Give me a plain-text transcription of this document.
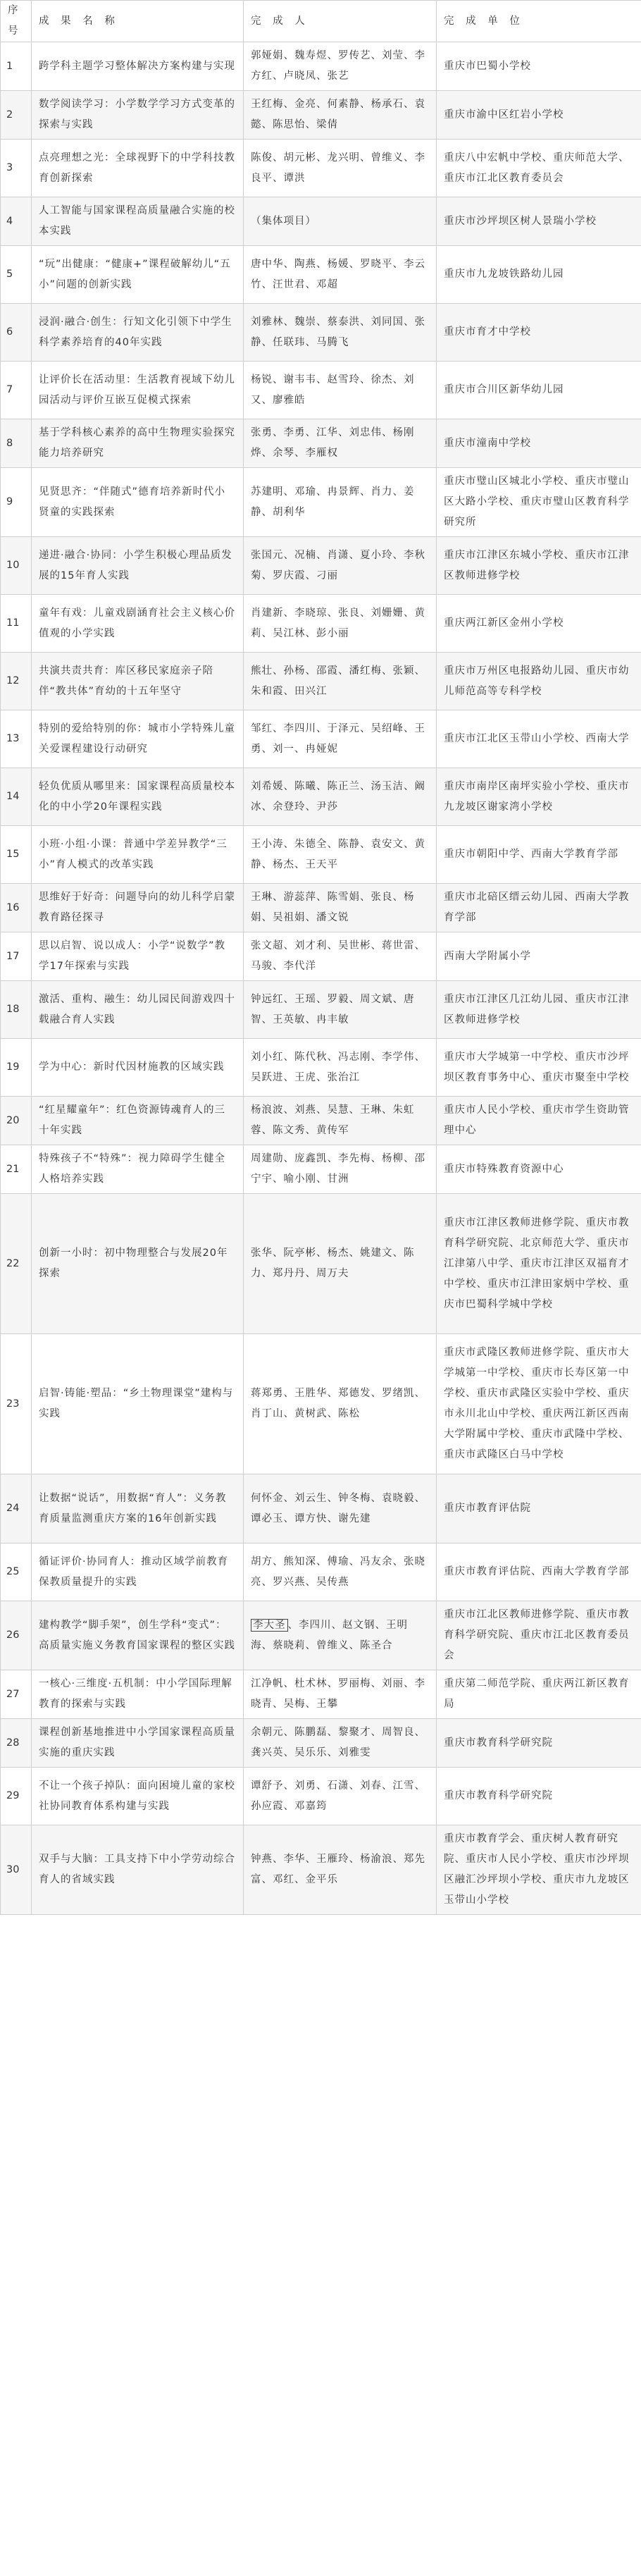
序号	成 果 名 称	完 成 人	完 成 单 位
1	跨学科主题学习整体解决方案构建与实现	郭娅娟、魏寿煜、罗传艺、刘莹、李方红、卢晓凤、张艺	重庆市巴蜀小学校
2	数学阅读学习：小学数学学习方式变革的探索与实践	王红梅、金亮、何素静、杨承石、袁懿、陈思怡、梁倩	重庆市渝中区红岩小学校
3	点亮理想之光：全球视野下的中学科技教育创新探索	陈俊、胡元彬、龙兴明、曾维义、李良平、谭洪	重庆八中宏帆中学校、重庆师范大学、重庆市江北区教育委员会
4	人工智能与国家课程高质量融合实施的校本实践	（集体项目）	重庆市沙坪坝区树人景瑞小学校
5	“玩”出健康：“健康+”课程破解幼儿“五小”问题的创新实践	唐中华、陶燕、杨媛、罗晓平、李云竹、汪世君、邓超	重庆市九龙坡铁路幼儿园
6	浸润·融合·创生：行知文化引领下中学生科学素养培育的40年实践	刘雅林、魏崇、蔡泰洪、刘同国、张静、任联玮、马腾飞	重庆市育才中学校
7	让评价长在活动里：生活教育视域下幼儿园活动与评价互嵌互促模式探索	杨锐、谢韦韦、赵雪玲、徐杰、刘又、廖雅皓	重庆市合川区新华幼儿园
8	基于学科核心素养的高中生物理实验探究能力培养研究	张勇、李勇、江华、刘忠伟、杨刚烨、余琴、李雁权	重庆市潼南中学校
9	见贤思齐：“伴随式”德育培养新时代小贤童的实践探索	苏建明、邓瑜、冉景辉、肖力、姜静、胡利华	重庆市璧山区城北小学校、重庆市璧山区大路小学校、重庆市璧山区教育科学研究所
10	递进·融合·协同：小学生积极心理品质发展的15年育人实践	张国元、况楠、肖潇、夏小玲、李秋菊、罗庆霞、刁丽	重庆市江津区东城小学校、重庆市江津区教师进修学校
11	童年有戏：儿童戏剧涵育社会主义核心价值观的小学实践	肖建新、李晓琼、张良、刘姗姗、黄莉、吴江林、彭小丽	重庆两江新区金州小学校
12	共演共责共育：库区移民家庭亲子陪伴“教共体”育幼的十五年坚守	熊壮、孙杨、邵霞、潘红梅、张颖、朱和霞、田兴江	重庆市万州区电报路幼儿园、重庆市幼儿师范高等专科学校
13	特别的爱给特别的你：城市小学特殊儿童关爱课程建设行动研究	邹红、李四川、于泽元、吴绍峰、王勇、刘一、冉娅妮	重庆市江北区玉带山小学校、西南大学
14	轻负优质从哪里来：国家课程高质量校本化的中小学20年课程实践	刘希媛、陈曦、陈正兰、汤玉洁、阚冰、余登玲、尹莎	重庆市南岸区南坪实验小学校、重庆市九龙坡区谢家湾小学校
15	小班·小组·小课：普通中学差异教学“三小”育人模式的改革实践	王小涛、朱德全、陈静、袁安文、黄静、杨杰、王天平	重庆市朝阳中学、西南大学教育学部
16	思维好于好奇：问题导向的幼儿科学启蒙教育路径探寻	王琳、游蕊萍、陈雪娟、张良、杨娟、吴祖娟、潘文锐	重庆市北碚区缙云幼儿园、西南大学教育学部
17	思以启智、说以成人：小学“说数学”教学17年探索与实践	张文超、刘才利、吴世彬、蒋世雷、马骏、李代洋	西南大学附属小学
18	激活、重构、融生：幼儿园民间游戏四十载融合育人实践	钟远红、王瑶、罗毅、周文斌、唐智、王英敏、冉丰敏	重庆市江津区几江幼儿园、重庆市江津区教师进修学校
19	学为中心：新时代因材施教的区域实践	刘小红、陈代秋、冯志刚、李学伟、吴跃进、王虎、张治江	重庆市大学城第一中学校、重庆市沙坪坝区教育事务中心、重庆市聚奎中学校
20	“红星耀童年”：红色资源铸魂育人的三十年实践	杨浪波、刘燕、吴慧、王琳、朱虹蓉、陈文秀、黄传军	重庆市人民小学校、重庆市学生资助管理中心
21	特殊孩子不“特殊”：视力障碍学生健全人格培养实践	周建勋、庞鑫凯、李先梅、杨柳、邵宁宇、喻小刚、甘洲	重庆市特殊教育资源中心
22	创新一小时：初中物理整合与发展20年探索	张华、阮亭彬、杨杰、姚建文、陈力、郑丹丹、周万夫	重庆市江津区教师进修学院、重庆市教育科学研究院、北京师范大学、重庆市江津第八中学、重庆市江津区双福育才中学校、重庆市江津田家炳中学校、重庆市巴蜀科学城中学校
23	启智·铸能·塑品：“乡土物理课堂”建构与实践	蒋郑勇、王胜华、郑德发、罗绪凯、肖丁山、黄树武、陈松	重庆市武隆区教师进修学院、重庆市大学城第一中学校、重庆市长寿区第一中学校、重庆市武隆区实验中学校、重庆市永川北山中学校、重庆两江新区西南大学附属中学校、重庆市武隆中学校、重庆市武隆区白马中学校
24	让数据“说话”，用数据“育人”：义务教育质量监测重庆方案的16年创新实践	何怀金、刘云生、钟冬梅、袁晓毅、谭必玉、谭方快、谢先建	重庆市教育评估院
25	循证评价·协同育人：推动区域学前教育保教质量提升的实践	胡方、熊知深、傅瑜、冯友余、张晓亮、罗兴燕、吴传燕	重庆市教育评估院、西南大学教育学部
26	建构教学“脚手架”，创生学科“变式”：高质量实施义务教育国家课程的整区实践	李大圣 、李四川、赵文钢、王明海、蔡晓莉、曾维义、陈圣合	重庆市江北区教师进修学院、重庆市教育科学研究院、重庆市江北区教育委员会
27	一核心·三维度·五机制：中小学国际理解教育的探索与实践	江净帆、杜术林、罗丽梅、刘丽、李晓青、吴梅、王攀	重庆第二师范学院、重庆两江新区教育局
28	课程创新基地推进中小学国家课程高质量实施的重庆实践	余朝元、陈鹏磊、黎聚才、周智良、龚兴英、吴乐乐、刘雅雯	重庆市教育科学研究院
29	不让一个孩子掉队：面向困境儿童的家校社协同教育体系构建与实践	谭舒予、刘勇、石潇、刘春、江雪、孙应霞、邓嘉筠	重庆市教育科学研究院
30	双手与大脑：工具支持下中小学劳动综合育人的省域实践	钟燕、李华、王雁玲、杨渝浪、郑先富、邓红、金平乐	重庆市教育学会、重庆树人教育研究院、重庆市人民小学校、重庆市沙坪坝区融汇沙坪坝小学校、重庆市九龙坡区玉带山小学校
